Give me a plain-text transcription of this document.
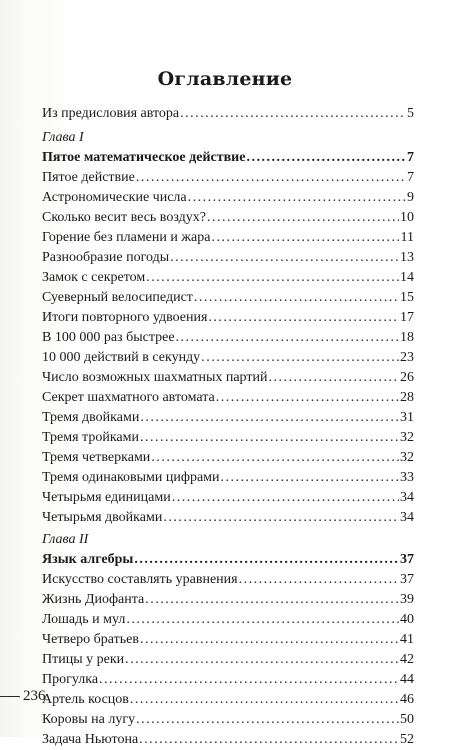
Оглавление
Из предисловия автора .....	5
Глава I
Пятое математическое действие .....	7
Пятое действие .....	7
Астрономические числа .....	9
Сколько весит весь воздух? .....	10
Горение без пламени и жара .....	11
Разнообразие погоды .....	13
Замок с секретом .....	14
Суеверный велосипедист .....	15
Итоги повторного удвоения .....	17
В 100 000 раз быстрее .....	18
10 000 действий в секунду .....	23
Число возможных шахматных партий .....	26
Секрет шахматного автомата .....	28
Тремя двойками .....	31
Тремя тройками .....	32
Тремя четверками .....	32
Тремя одинаковыми цифрами .....	33
Четырьмя единицами .....	34
Четырьмя двойками .....	34
Глава II
Язык алгебры .....	37
Искусство составлять уравнения .....	37
Жизнь Диофанта .....	39
Лошадь и мул .....	40
Четверо братьев .....	41
Птицы у реки .....	42
Прогулка .....	44
Артель косцов .....	46
Коровы на лугу .....	50
Задача Ньютона .....	52
236
